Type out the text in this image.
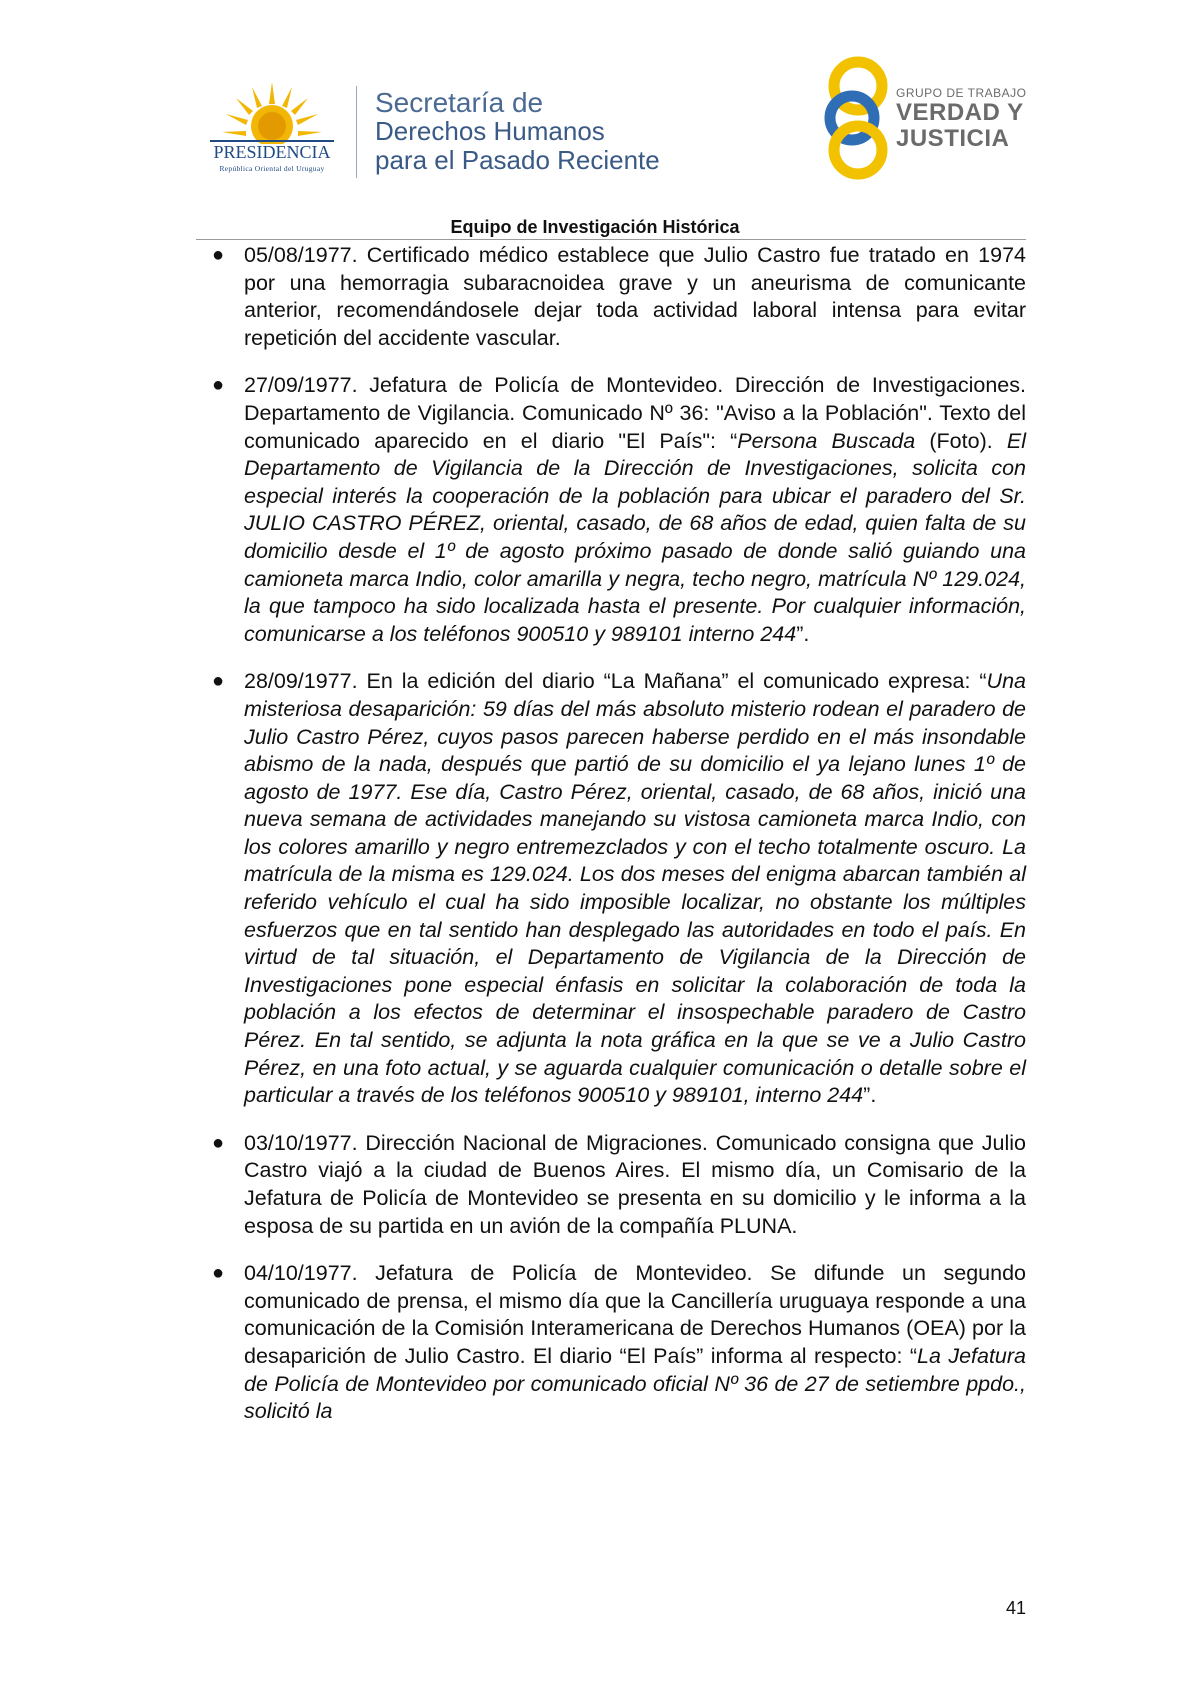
PRESIDENCIA
República Oriental del Uruguay
Secretaría de
Derechos Humanos
para el Pasado Reciente
GRUPO DE TRABAJO
VERDAD Y
JUSTICIA
Equipo de Investigación Histórica
● 05/08/1977. Certificado médico establece que Julio Castro fue tratado en 1974 por una hemorragia subaracnoidea grave y un aneurisma de comunicante anterior, recomendándosele dejar toda actividad laboral intensa para evitar repetición del accidente vascular.

● 27/09/1977. Jefatura de Policía de Montevideo. Dirección de Investigaciones. Departamento de Vigilancia. Comunicado Nº 36: "Aviso a la Población". Texto del comunicado aparecido en el diario "El País": “Persona Buscada (Foto). El Departamento de Vigilancia de la Dirección de Investigaciones, solicita con especial interés la cooperación de la población para ubicar el paradero del Sr. JULIO CASTRO PÉREZ, oriental, casado, de 68 años de edad, quien falta de su domicilio desde el 1º de agosto próximo pasado de donde salió guiando una camioneta marca Indio, color amarilla y negra, techo negro, matrícula Nº 129.024, la que tampoco ha sido localizada hasta el presente. Por cualquier información, comunicarse a los teléfonos 900510 y 989101 interno 244”.

● 28/09/1977. En la edición del diario “La Mañana” el comunicado expresa: “Una misteriosa desaparición: 59 días del más absoluto misterio rodean el paradero de Julio Castro Pérez, cuyos pasos parecen haberse perdido en el más insondable abismo de la nada, después que partió de su domicilio el ya lejano lunes 1º de agosto de 1977. Ese día, Castro Pérez, oriental, casado, de 68 años, inició una nueva semana de actividades manejando su vistosa camioneta marca Indio, con los colores amarillo y negro entremezclados y con el techo totalmente oscuro. La matrícula de la misma es 129.024. Los dos meses del enigma abarcan también al referido vehículo el cual ha sido imposible localizar, no obstante los múltiples esfuerzos que en tal sentido han desplegado las autoridades en todo el país. En virtud de tal situación, el Departamento de Vigilancia de la Dirección de Investigaciones pone especial énfasis en solicitar la colaboración de toda la población a los efectos de determinar el insospechable paradero de Castro Pérez. En tal sentido, se adjunta la nota gráfica en la que se ve a Julio Castro Pérez, en una foto actual, y se aguarda cualquier comunicación o detalle sobre el particular a través de los teléfonos 900510 y 989101, interno 244”.

● 03/10/1977. Dirección Nacional de Migraciones. Comunicado consigna que Julio Castro viajó a la ciudad de Buenos Aires. El mismo día, un Comisario de la Jefatura de Policía de Montevideo se presenta en su domicilio y le informa a la esposa de su partida en un avión de la compañía PLUNA.

● 04/10/1977. Jefatura de Policía de Montevideo. Se difunde un segundo comunicado de prensa, el mismo día que la Cancillería uruguaya responde a una comunicación de la Comisión Interamericana de Derechos Humanos (OEA) por la desaparición de Julio Castro. El diario “El País” informa al respecto: “La Jefatura de Policía de Montevideo por comunicado oficial Nº 36 de 27 de setiembre ppdo., solicitó la

41
